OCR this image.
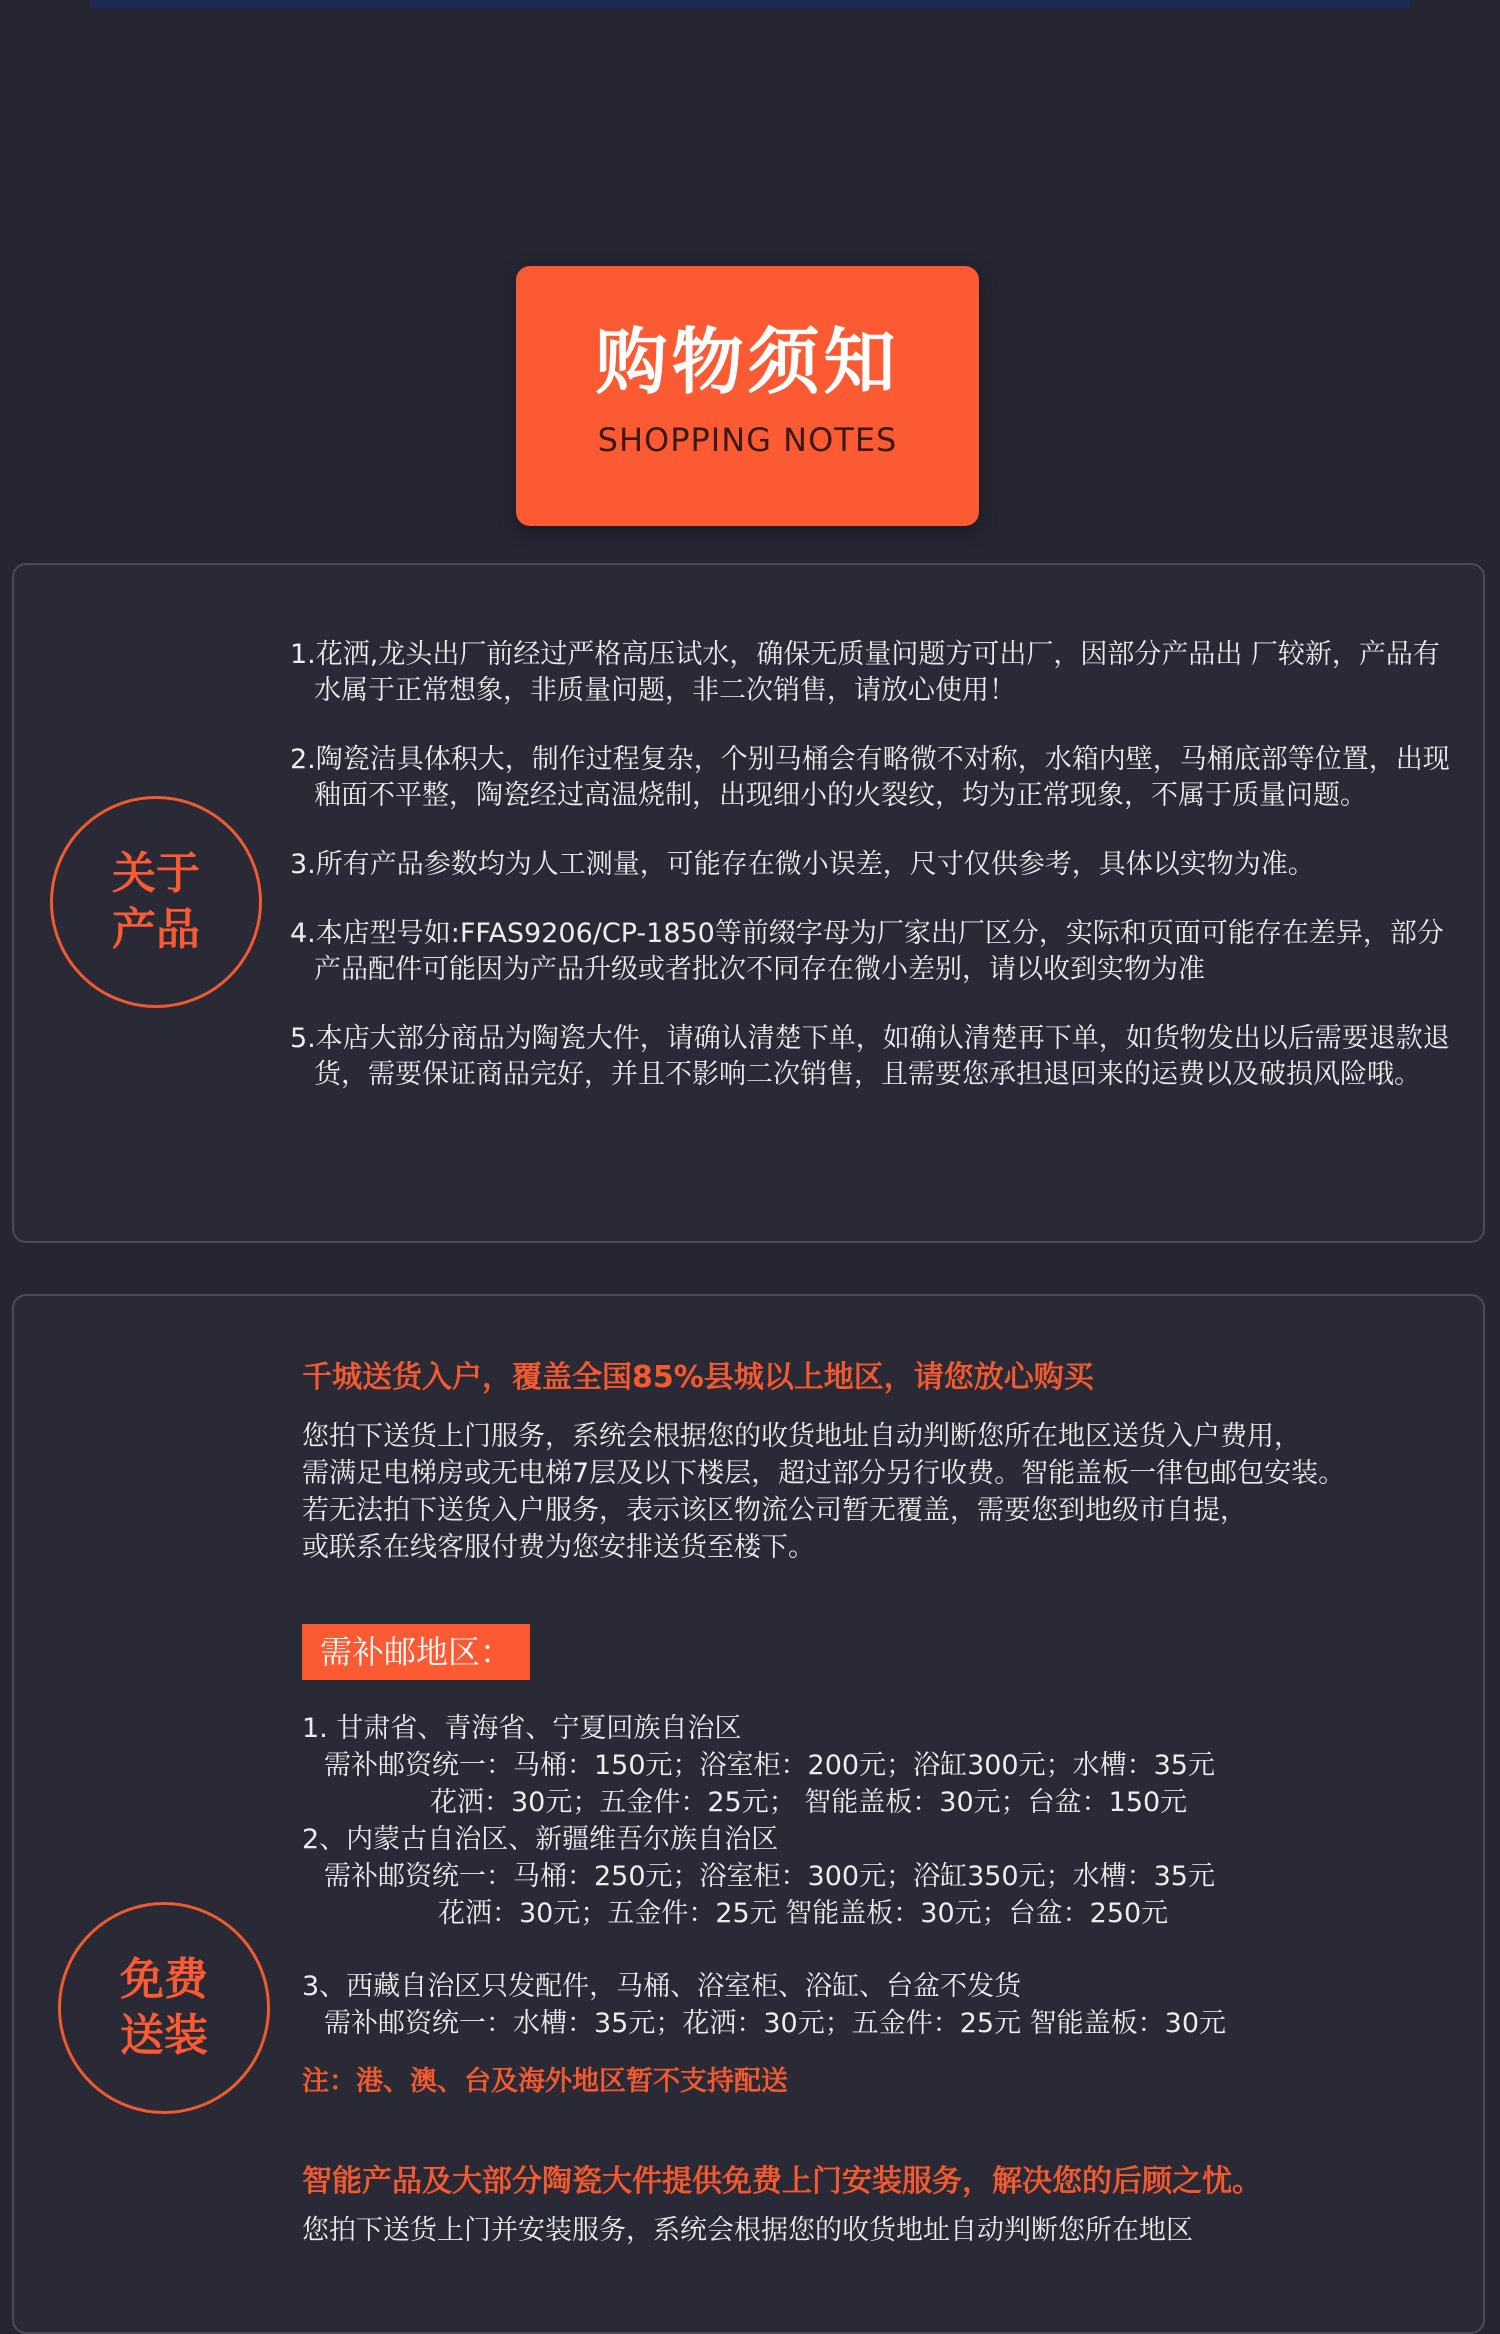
购物须知
SHOPPING NOTES
关于
产品
1.花洒,龙头出厂前经过严格高压试水，确保无质量问题方可出厂，因部分产品出 厂较新，产品有水属于正常想象，非质量问题，非二次销售，请放心使用！
2.陶瓷洁具体积大，制作过程复杂，个别马桶会有略微不对称，水箱内壁，马桶底部等位置，出现釉面不平整，陶瓷经过高温烧制，出现细小的火裂纹，均为正常现象，不属于质量问题。
3.所有产品参数均为人工测量，可能存在微小误差，尺寸仅供参考，具体以实物为准。
4.本店型号如:FFAS9206/CP-1850等前缀字母为厂家出厂区分，实际和页面可能存在差异，部分产品配件可能因为产品升级或者批次不同存在微小差别，请以收到实物为准
5.本店大部分商品为陶瓷大件，请确认清楚下单，如确认清楚再下单，如货物发出以后需要退款退货，需要保证商品完好，并且不影响二次销售，且需要您承担退回来的运费以及破损风险哦。
免费
送装
千城送货入户，覆盖全国85%县城以上地区，请您放心购买
您拍下送货上门服务，系统会根据您的收货地址自动判断您所在地区送货入户费用，
需满足电梯房或无电梯7层及以下楼层，超过部分另行收费。智能盖板一律包邮包安装。
若无法拍下送货入户服务，表示该区物流公司暂无覆盖，需要您到地级市自提，
或联系在线客服付费为您安排送货至楼下。
需补邮地区：
1. 甘肃省、青海省、宁夏回族自治区
需补邮资统一：马桶：150元；浴室柜：200元；浴缸300元；水槽：35元
花洒：30元；五金件：25元； 智能盖板：30元；台盆：150元
2、内蒙古自治区、新疆维吾尔族自治区
需补邮资统一：马桶：250元；浴室柜：300元；浴缸350元；水槽：35元
花洒：30元；五金件：25元 智能盖板：30元；台盆：250元
3、西藏自治区只发配件，马桶、浴室柜、浴缸、台盆不发货
需补邮资统一：水槽：35元；花洒：30元；五金件：25元 智能盖板：30元
注：港、澳、台及海外地区暂不支持配送
智能产品及大部分陶瓷大件提供免费上门安装服务，解决您的后顾之忧。
您拍下送货上门并安装服务，系统会根据您的收货地址自动判断您所在地区
